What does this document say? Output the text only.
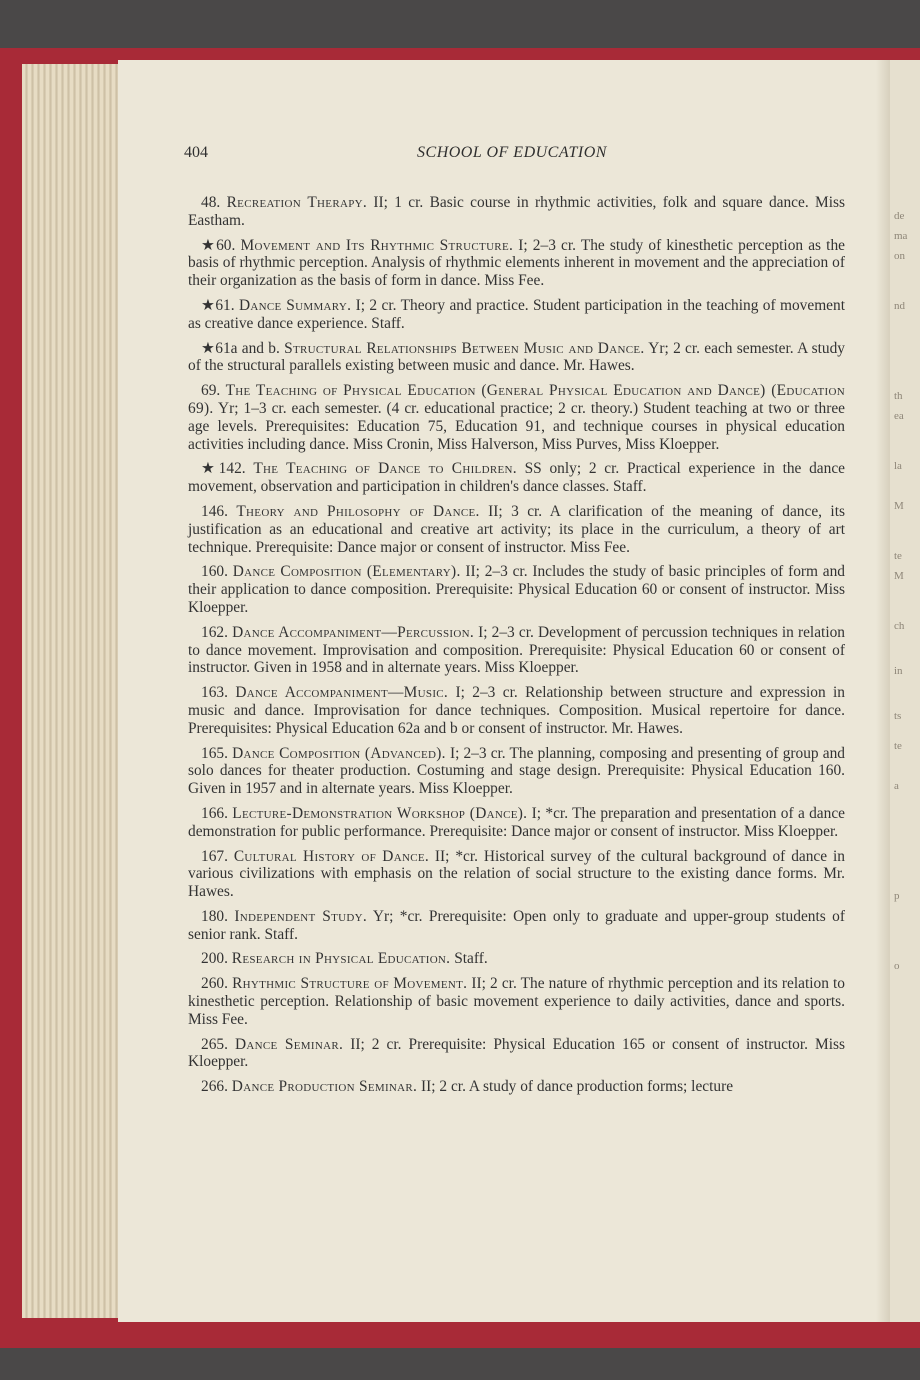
de
ma
on
nd
th
ea
la
M
te
M
ch
in
ts
te
a
p
o
404	SCHOOL OF EDUCATION

48. Recreation Therapy. II; 1 cr. Basic course in rhythmic activities, folk and square dance. Miss Eastham.

★60. Movement and Its Rhythmic Structure. I; 2–3 cr. The study of kinesthetic perception as the basis of rhythmic perception. Analysis of rhythmic elements inherent in movement and the appreciation of their organization as the basis of form in dance. Miss Fee.

★61. Dance Summary. I; 2 cr. Theory and practice. Student participation in the teaching of movement as creative dance experience. Staff.

★61a and b. Structural Relationships Between Music and Dance. Yr; 2 cr. each semester. A study of the structural parallels existing between music and dance. Mr. Hawes.

69. The Teaching of Physical Education (General Physical Education and Dance) (Education 69). Yr; 1–3 cr. each semester. (4 cr. educational practice; 2 cr. theory.) Student teaching at two or three age levels. Prerequisites: Education 75, Education 91, and technique courses in physical education activities including dance. Miss Cronin, Miss Halverson, Miss Purves, Miss Kloepper.

★142. The Teaching of Dance to Children. SS only; 2 cr. Practical experience in the dance movement, observation and participation in children's dance classes. Staff.

146. Theory and Philosophy of Dance. II; 3 cr. A clarification of the meaning of dance, its justification as an educational and creative art activity; its place in the curriculum, a theory of art technique. Prerequisite: Dance major or consent of instructor. Miss Fee.

160. Dance Composition (Elementary). II; 2–3 cr. Includes the study of basic principles of form and their application to dance composition. Prerequisite: Physical Education 60 or consent of instructor. Miss Kloepper.

162. Dance Accompaniment—Percussion. I; 2–3 cr. Development of percussion techniques in relation to dance movement. Improvisation and composition. Prerequisite: Physical Education 60 or consent of instructor. Given in 1958 and in alternate years. Miss Kloepper.

163. Dance Accompaniment—Music. I; 2–3 cr. Relationship between structure and expression in music and dance. Improvisation for dance techniques. Composition. Musical repertoire for dance. Prerequisites: Physical Education 62a and b or consent of instructor. Mr. Hawes.

165. Dance Composition (Advanced). I; 2–3 cr. The planning, composing and presenting of group and solo dances for theater production. Costuming and stage design. Prerequisite: Physical Education 160. Given in 1957 and in alternate years. Miss Kloepper.

166. Lecture-Demonstration Workshop (Dance). I; *cr. The preparation and presentation of a dance demonstration for public performance. Prerequisite: Dance major or consent of instructor. Miss Kloepper.

167. Cultural History of Dance. II; *cr. Historical survey of the cultural background of dance in various civilizations with emphasis on the relation of social structure to the existing dance forms. Mr. Hawes.

180. Independent Study. Yr; *cr. Prerequisite: Open only to graduate and upper-group students of senior rank. Staff.

200. Research in Physical Education. Staff.

260. Rhythmic Structure of Movement. II; 2 cr. The nature of rhythmic perception and its relation to kinesthetic perception. Relationship of basic movement experience to daily activities, dance and sports. Miss Fee.

265. Dance Seminar. II; 2 cr. Prerequisite: Physical Education 165 or consent of instructor. Miss Kloepper.

266. Dance Production Seminar. II; 2 cr. A study of dance production forms; lecture
